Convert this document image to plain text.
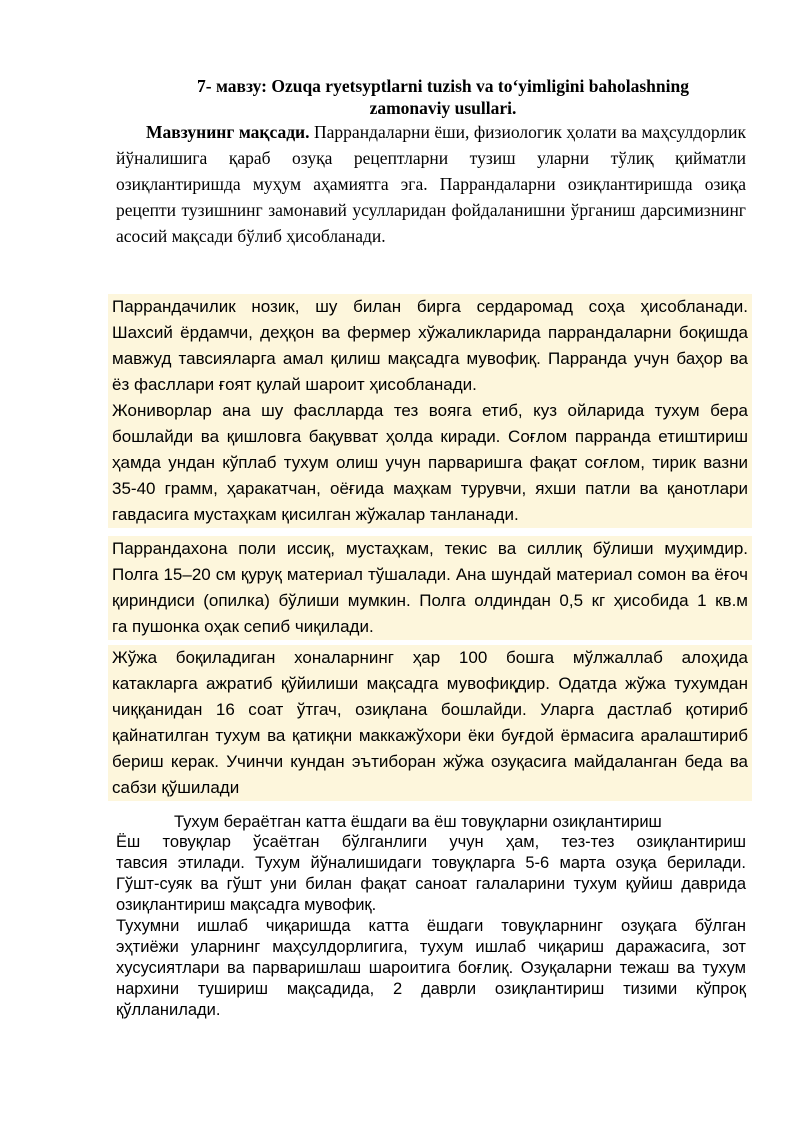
7- мавзу: Ozuqa ryetsyptlarni tuzish va to‘yimligini baholashning
zamonaviy usullari.
Мавзунинг мақсади. Паррандаларни ёши, физиологик ҳолати ва маҳсулдорлик йўналишига қараб озуқа рецептларни тузиш уларни тўлиқ қийматли озиқлантиришда муҳум аҳамиятга эга. Паррандаларни озиқлантиришда озиқа рецепти тузишнинг замонавий усулларидан фойдаланишни ўрганиш дарсимизнинг асосий мақсади бўлиб ҳисобланади.
Паррандачилик нозик, шу билан бирга сердаромад соҳа ҳисобланади.
Шахсий ёрдамчи, деҳқон ва фермер хўжаликларида паррандаларни боқишда
мавжуд тавсияларга амал қилиш мақсадга мувофиқ. Парранда учун баҳор ва
ёз фасллари ғоят қулай шароит ҳисобланади.
Жониворлар ана шу фаслларда тез вояга етиб, куз ойларида тухум бера
бошлайди ва қишловга бақувват ҳолда киради. Соғлом парранда етиштириш
ҳамда ундан кўплаб тухум олиш учун парваришга фақат соғлом, тирик вазни
35-40 грамм, ҳаракатчан, оёғида маҳкам турувчи, яхши патли ва қанотлари
гавдасига мустаҳкам қисилган жўжалар танланади.
Паррандахона поли иссиқ, мустаҳкам, текис ва силлиқ бўлиши муҳимдир.
Полга 15–20 см қуруқ материал тўшалади. Ана шундай материал сомон ва ёғоч
қириндиси (опилка) бўлиши мумкин. Полга олдиндан 0,5 кг ҳисобида 1 кв.м
га пушонка оҳак сепиб чиқилади.
Жўжа боқиладиган хоналарнинг ҳар 100 бошга мўлжаллаб алоҳида
катакларга ажратиб қўйилиши мақсадга мувофиқдир. Одатда жўжа тухумдан
чиққанидан 16 соат ўтгач, озиқлана бошлайди. Уларга дастлаб қотириб
қайнатилган тухум ва қатиқни маккажўхори ёки буғдой ёрмасига аралаштириб
бериш керак. Учинчи кундан эътиборан жўжа озуқасига майдаланган беда ва
сабзи қўшилади
Тухум бераётган катта ёшдаги ва ёш товуқларни озиқлантириш
Ёш товуқлар ўсаётган бўлганлиги учун ҳам, тез-тез озиқлантириш
тавсия этилади. Тухум йўналишидаги товуқларга 5-6 марта озуқа берилади.
Гўшт-суяк ва гўшт уни билан фақат саноат галаларини тухум қуйиш даврида
озиқлантириш мақсадга мувофиқ.
Тухумни ишлаб чиқаришда катта ёшдаги товуқларнинг озуқага бўлган
эҳтиёжи уларнинг маҳсулдорлигига, тухум ишлаб чиқариш даражасига, зот
хусусиятлари ва парваришлаш шароитига боғлиқ. Озуқаларни тежаш ва тухум
нархини тушириш мақсадида, 2 даврли озиқлантириш тизими кўпроқ
қўлланилади.
